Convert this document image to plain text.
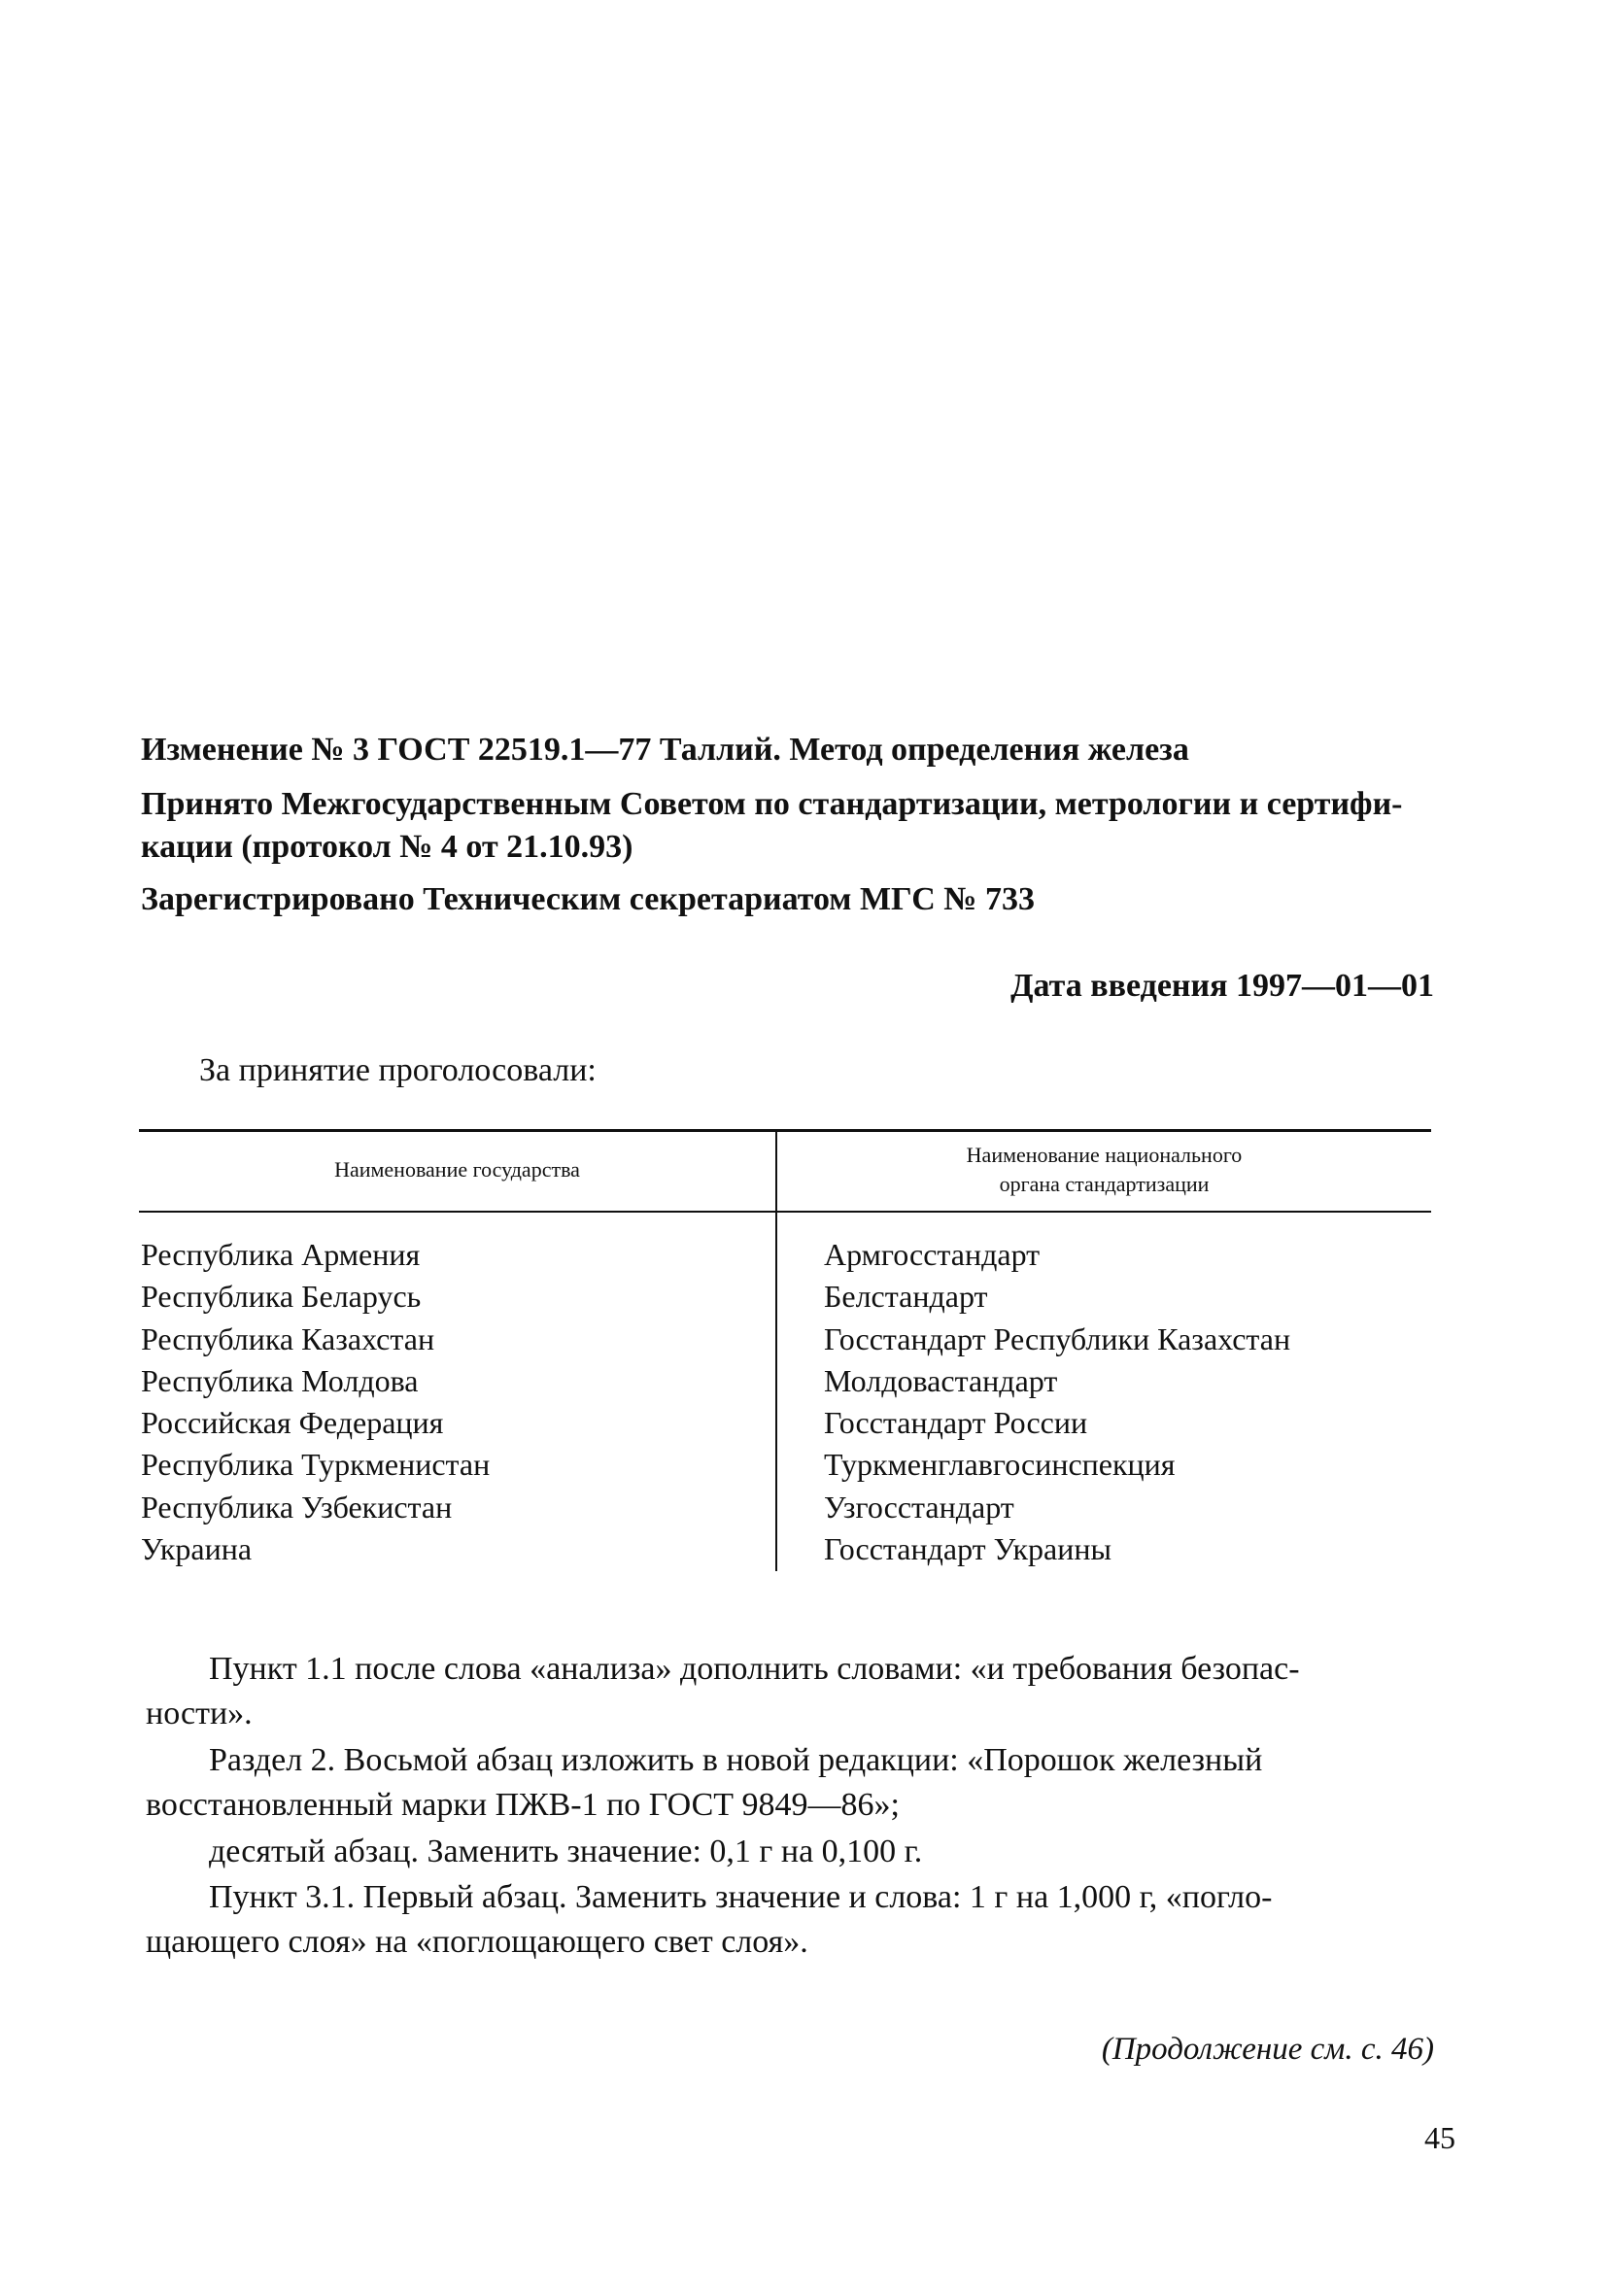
Изменение № 3 ГОСТ 22519.1—77 Таллий. Метод определения железа
Принято Межгосударственным Советом по стандартизации, метрологии и сертифи-
кации (протокол № 4 от 21.10.93)
Зарегистрировано Техническим секретариатом МГС № 733
Дата введения 1997—01—01
За принятие проголосовали:
Наименование государства
Наименование национального
органа стандартизации
Республика Армения
Республика Беларусь
Республика Казахстан
Республика Молдова
Российская Федерация
Республика Туркменистан
Республика Узбекистан
Украина
Армгосстандарт
Белстандарт
Госстандарт Республики Казахстан
Молдовастандарт
Госстандарт России
Туркменглавгосинспекция
Узгосстандарт
Госстандарт Украины
Пункт 1.1 после слова «анализа» дополнить словами: «и требования безопас-
ности».
Раздел 2. Восьмой абзац изложить в новой редакции: «Порошок железный
восстановленный марки ПЖВ-1 по ГОСТ 9849—86»;
десятый абзац. Заменить значение: 0,1 г на 0,100 г.
Пункт 3.1. Первый абзац. Заменить значение и слова: 1 г на 1,000 г, «погло-
щающего слоя» на «поглощающего свет слоя».
(Продолжение см. с. 46)
45
